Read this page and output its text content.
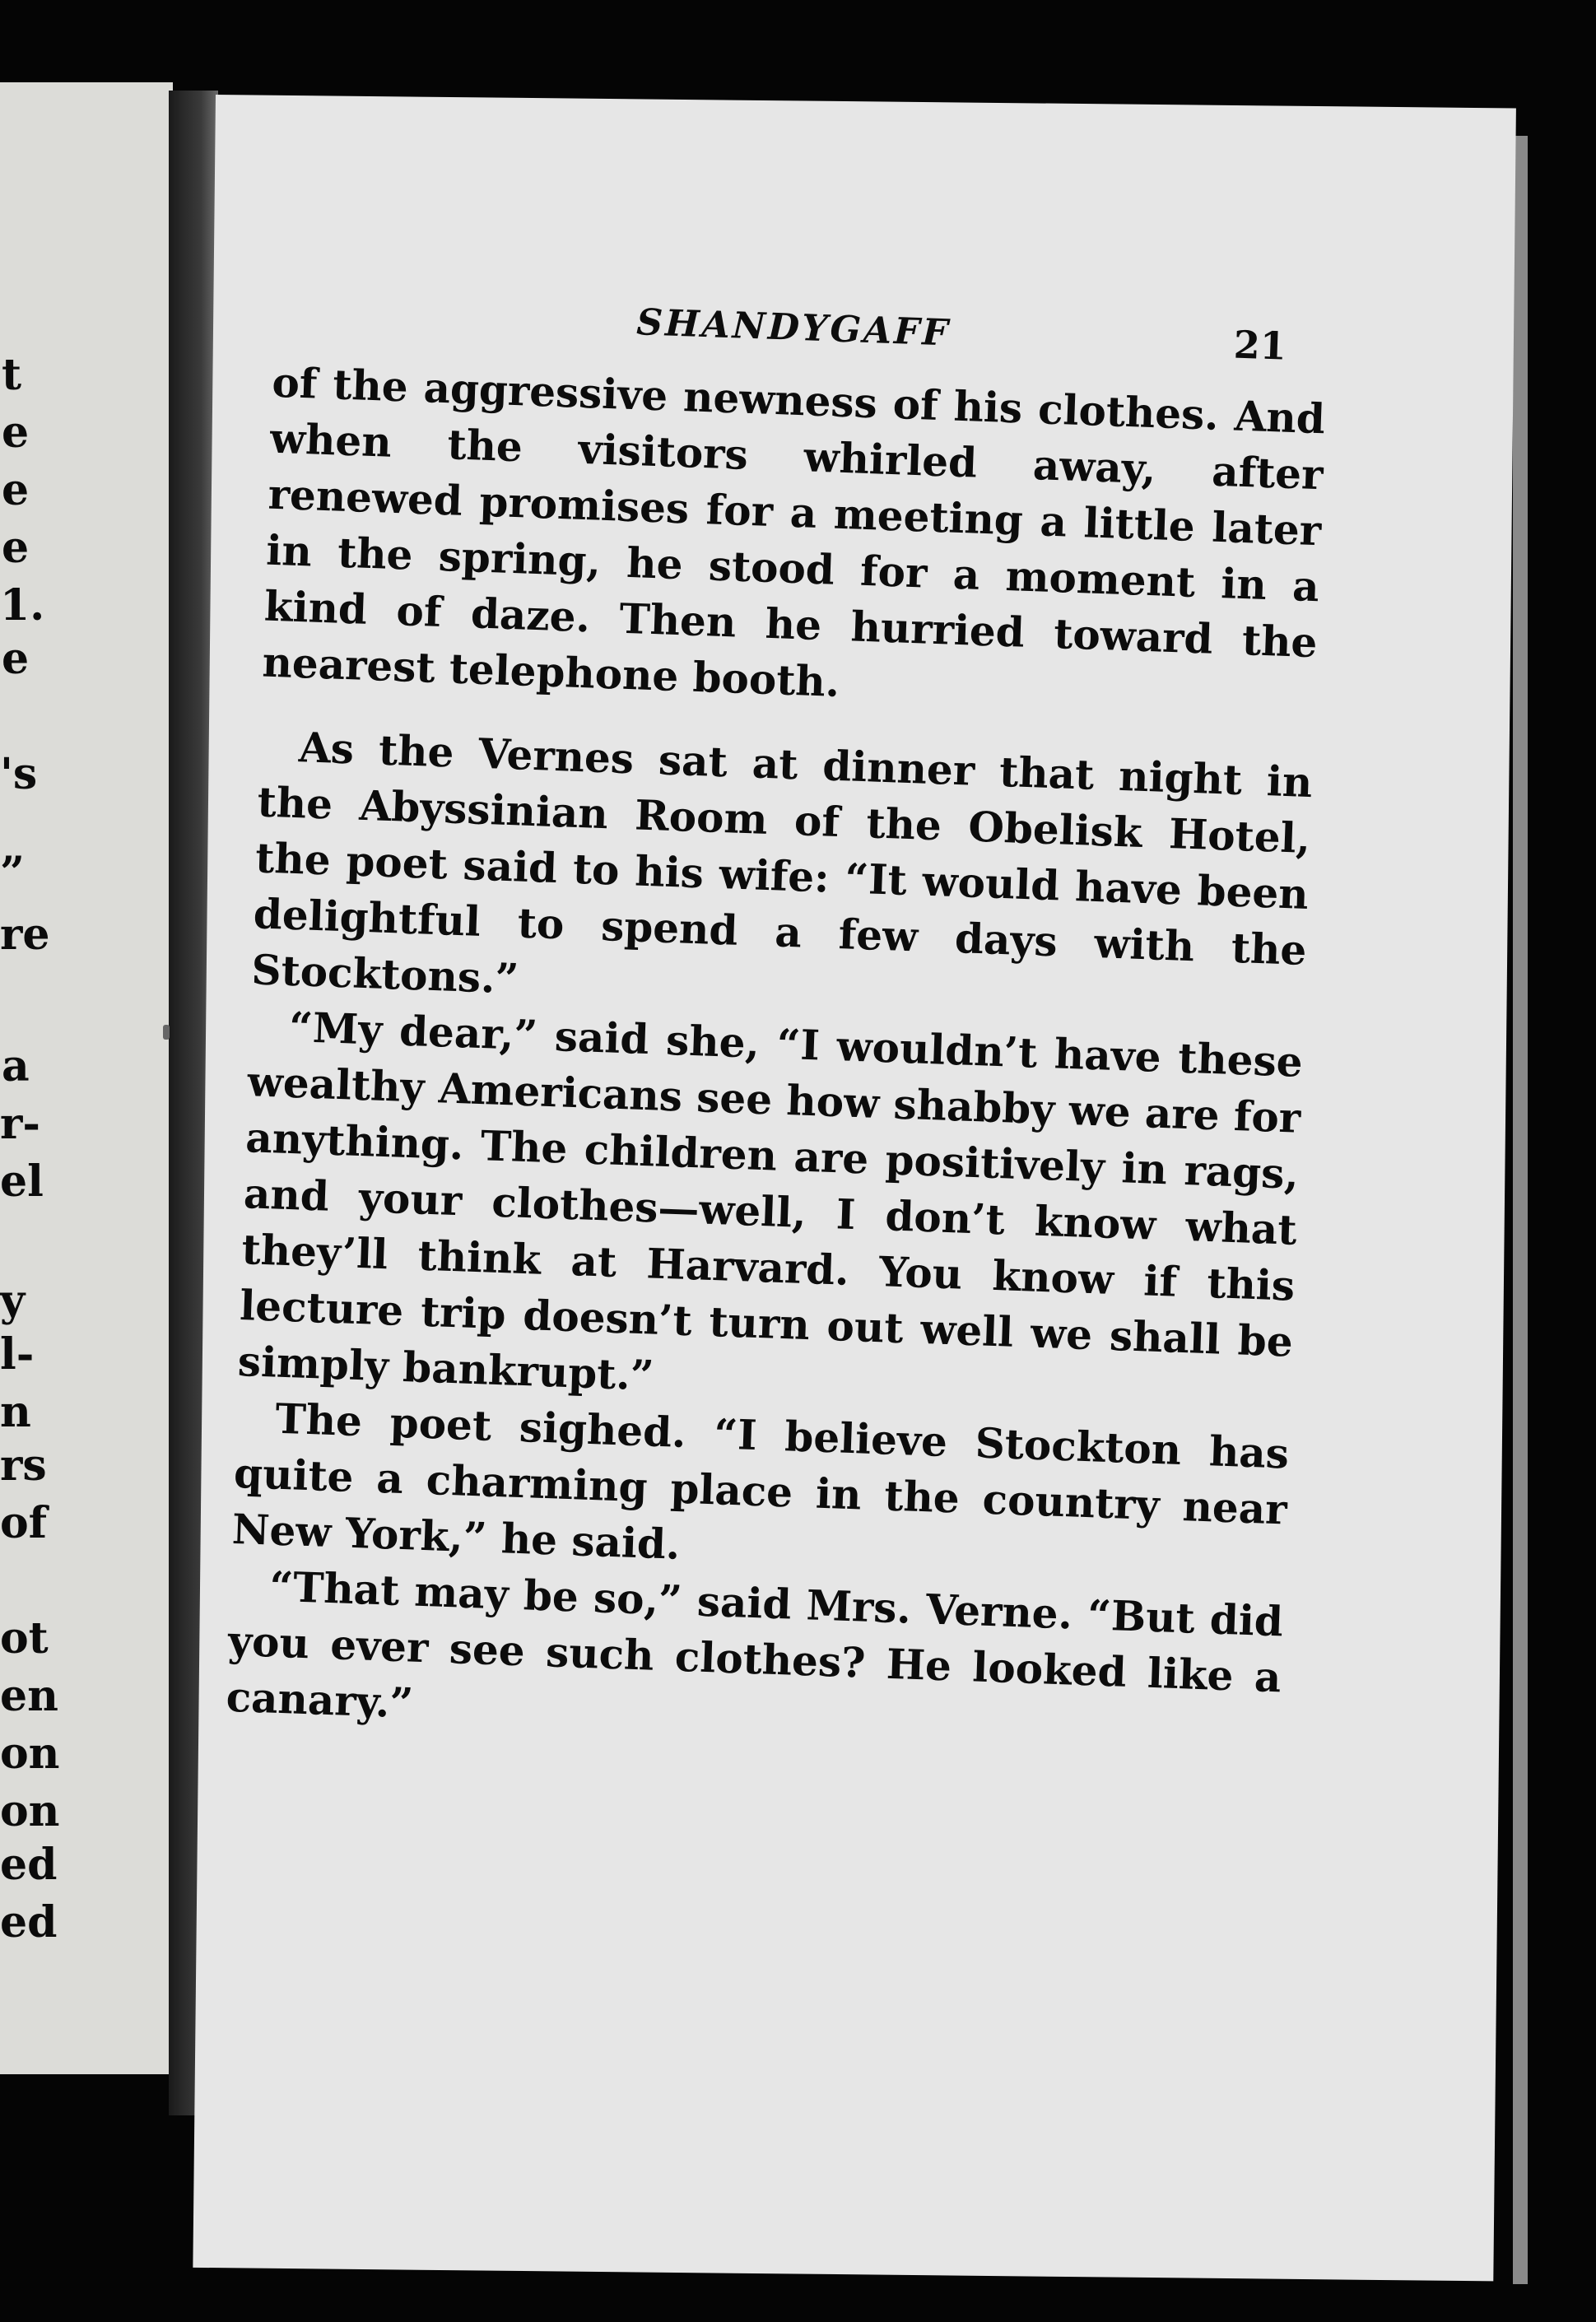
t
e
e
e
1.
e
's
”
re
a
r-
el
y
l-
n
rs
of
ot
en
on
on
ed
ed
SHANDYGAFF	21

of the aggressive newness of his clothes. And when the visitors whirled away, after renewed promises for a meeting a little later in the spring, he stood for a moment in a kind of daze. Then he hurried toward the nearest telephone booth.

As the Vernes sat at dinner that night in the Abyssinian Room of the Obelisk Hotel, the poet said to his wife: “It would have been delightful to spend a few days with the Stocktons.”

“My dear,” said she, “I wouldn’t have these wealthy Americans see how shabby we are for anything. The children are positively in rags, and your clothes—well, I don’t know what they’ll think at Harvard. You know if this lecture trip doesn’t turn out well we shall be simply bankrupt.”

The poet sighed. “I believe Stockton has quite a charming place in the country near New York,” he said.

“That may be so,” said Mrs. Verne. “But did you ever see such clothes? He looked like a canary.”
